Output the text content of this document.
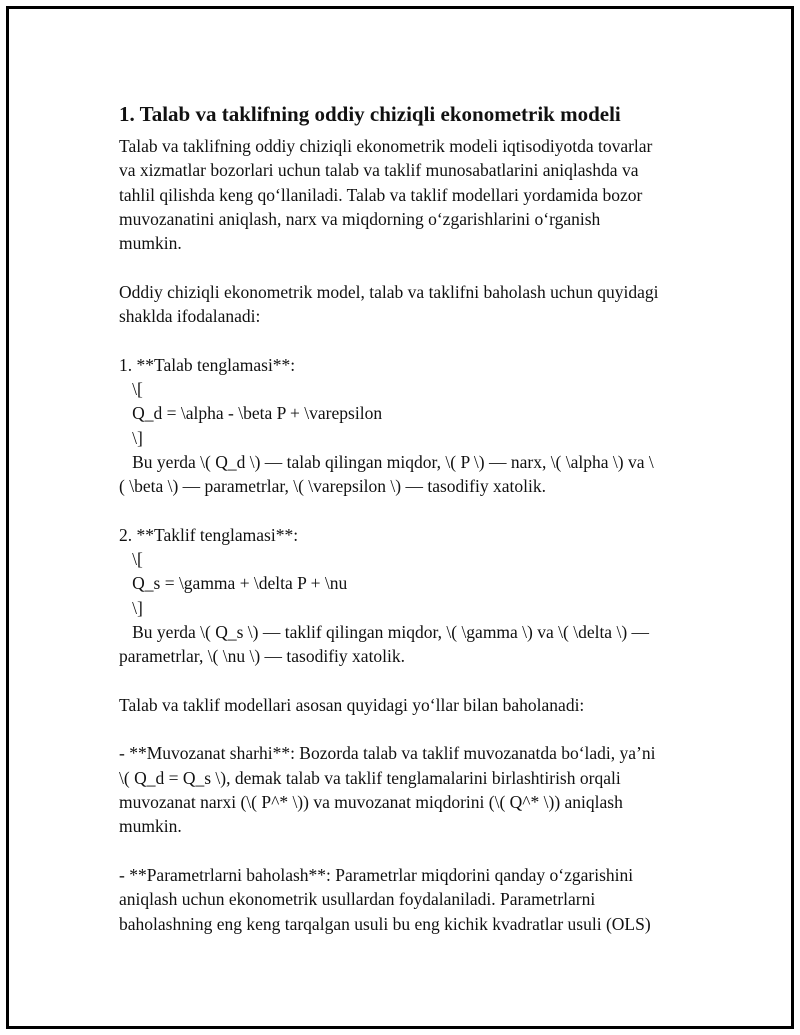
1. Talab va taklifning oddiy chiziqli ekonometrik modeli

Talab va taklifning oddiy chiziqli ekonometrik modeli iqtisodiyotda tovarlar
va xizmatlar bozorlari uchun talab va taklif munosabatlarini aniqlashda va
tahlil qilishda keng qo‘llaniladi. Talab va taklif modellari yordamida bozor
muvozanatini aniqlash, narx va miqdorning o‘zgarishlarini o‘rganish
mumkin.

Oddiy chiziqli ekonometrik model, talab va taklifni baholash uchun quyidagi
shaklda ifodalanadi:

1. **Talab tenglamasi**:
\[
Q_d = \alpha - \beta P + \varepsilon
\]
Bu yerda \( Q_d \) — talab qilingan miqdor, \( P \) — narx, \( \alpha \) va \
( \beta \) — parametrlar, \( \varepsilon \) — tasodifiy xatolik.

2. **Taklif tenglamasi**:
\[
Q_s = \gamma + \delta P + \nu
\]
Bu yerda \( Q_s \) — taklif qilingan miqdor, \( \gamma \) va \( \delta \) —
parametrlar, \( \nu \) — tasodifiy xatolik.

Talab va taklif modellari asosan quyidagi yo‘llar bilan baholanadi:

- **Muvozanat sharhi**: Bozorda talab va taklif muvozanatda bo‘ladi, ya’ni
\( Q_d = Q_s \), demak talab va taklif tenglamalarini birlashtirish orqali
muvozanat narxi (\( P^* \)) va muvozanat miqdorini (\( Q^* \)) aniqlash
mumkin.

- **Parametrlarni baholash**: Parametrlar miqdorini qanday o‘zgarishini
aniqlash uchun ekonometrik usullardan foydalaniladi. Parametrlarni
baholashning eng keng tarqalgan usuli bu eng kichik kvadratlar usuli (OLS)
